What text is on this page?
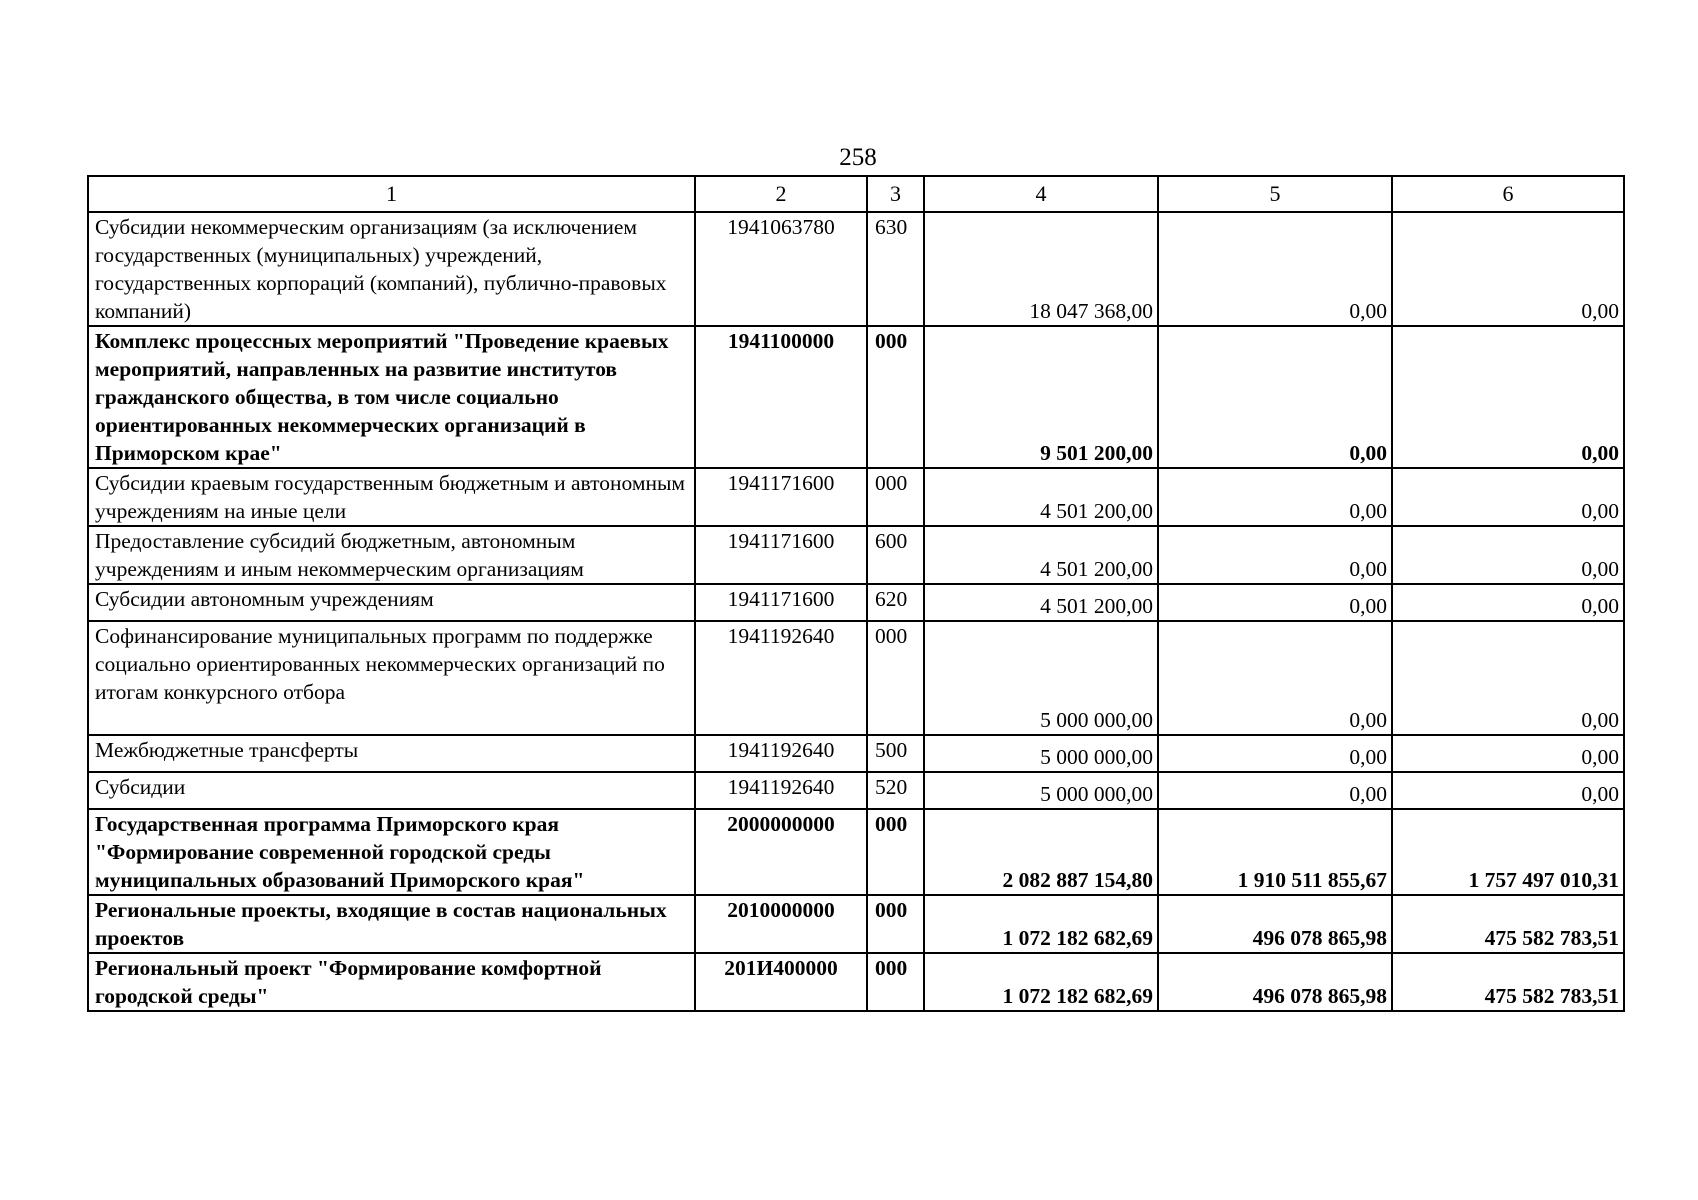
258
1	2	3	4	5	6
Субсидии некоммерческим организациям (за исключением государственных (муниципальных) учреждений, государственных корпораций (компаний), публично-правовых компаний)	1941063780	630	18 047 368,00	0,00	0,00
Комплекс процессных мероприятий "Проведение краевых мероприятий, направленных на развитие институтов гражданского общества, в том числе социально ориентированных некоммерческих организаций в Приморском крае"	1941100000	000	9 501 200,00	0,00	0,00
Субсидии краевым государственным бюджетным и автономным учреждениям на иные цели	1941171600	000	4 501 200,00	0,00	0,00
Предоставление субсидий бюджетным, автономным учреждениям и иным некоммерческим организациям	1941171600	600	4 501 200,00	0,00	0,00
Субсидии автономным учреждениям	1941171600	620	4 501 200,00	0,00	0,00
Софинансирование муниципальных программ по поддержке социально ориентированных некоммерческих организаций по итогам конкурсного отбора	1941192640	000	5 000 000,00	0,00	0,00
Межбюджетные трансферты	1941192640	500	5 000 000,00	0,00	0,00
Субсидии	1941192640	520	5 000 000,00	0,00	0,00
Государственная программа Приморского края "Формирование современной городской среды муниципальных образований Приморского края"	2000000000	000	2 082 887 154,80	1 910 511 855,67	1 757 497 010,31
Региональные проекты, входящие в состав национальных проектов	2010000000	000	1 072 182 682,69	496 078 865,98	475 582 783,51
Региональный проект "Формирование комфортной городской среды"	201И400000	000	1 072 182 682,69	496 078 865,98	475 582 783,51
